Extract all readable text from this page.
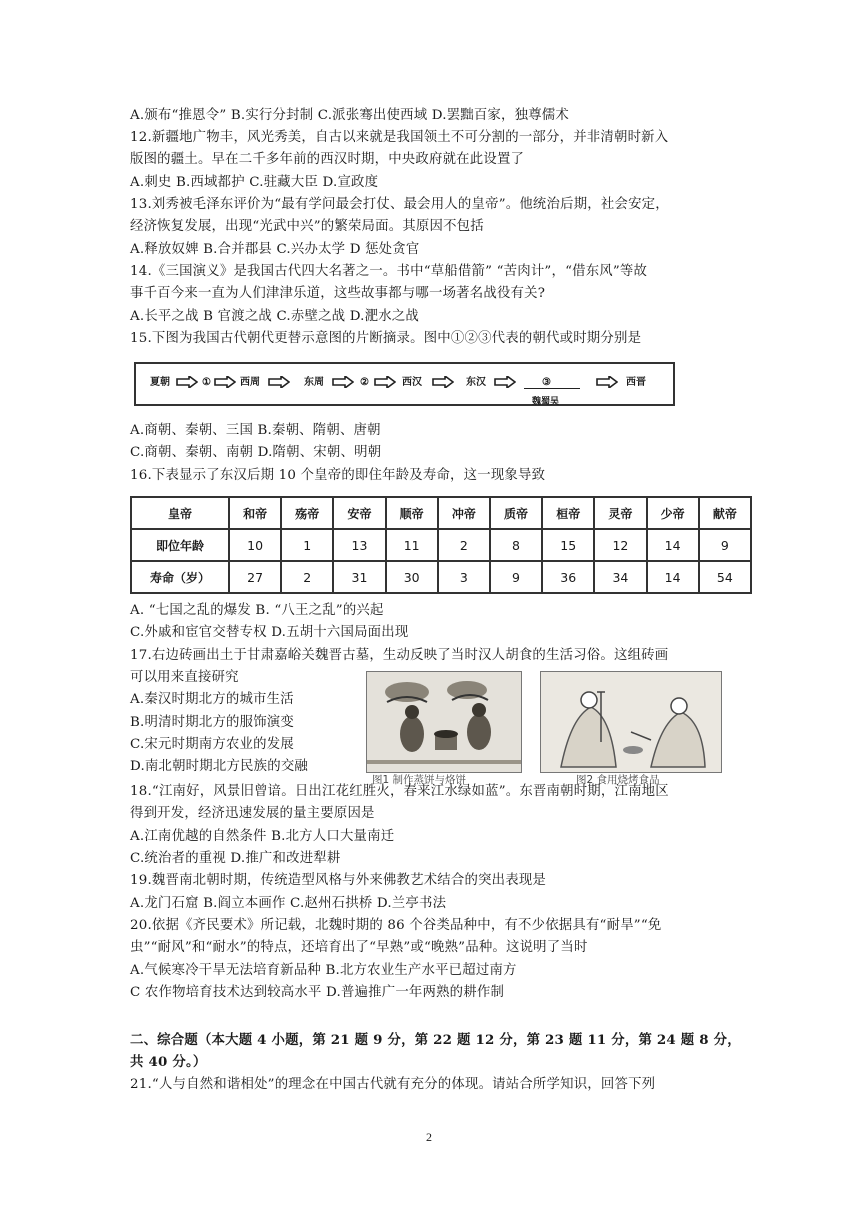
A.颁布“推恩令” B.实行分封制 C.派张骞出使西域 D.罢黜百家，独尊儒术
12.新疆地广物丰，风光秀美，自古以来就是我国领土不可分割的一部分，并非清朝时新入
版图的疆土。早在二千多年前的西汉时期，中央政府就在此设置了
A.刺史 B.西域都护 C.驻藏大臣 D.宣政度
13.刘秀被毛泽东评价为“最有学问最会打仗、最会用人的皇帝”。他统治后期，社会安定，
经济恢复发展，出现“光武中兴”的繁荣局面。其原因不包括
A.释放奴婢 B.合并郡县 C.兴办太学 D 惩处贪官
14.《三国演义》是我国古代四大名著之一。书中“草船借箭” “苦肉计”，“借东风”等故
事千百今来一直为人们津津乐道，这些故事都与哪一场著名战役有关?
A.长平之战 B 官渡之战 C.赤壁之战 D.淝水之战
15.下图为我国古代朝代更替示意图的片断摘录。图中①②③代表的朝代或时期分别是
夏朝	①	西周	东周	②	西汉	东汉	③
魏蜀吴
西晋
A.商朝、秦朝、三国 B.秦朝、隋朝、唐朝
C.商朝、秦朝、南朝 D.隋朝、宋朝、明朝
16.下表显示了东汉后期 10 个皇帝的即住年龄及寿命，这一现象导致
皇帝	和帝	殇帝	安帝	顺帝	冲帝	质帝	桓帝	灵帝	少帝	献帝
即位年龄	10	1	13	11	2	8	15	12	14	9
寿命（岁）	27	2	31	30	3	9	36	34	14	54
A. “七国之乱的爆发 B. “八王之乱”的兴起
C.外戚和宦官交替专权 D.五胡十六国局面出现
17.右边砖画出土于甘肃嘉峪关魏晋古墓，生动反映了当时汉人胡食的生活习俗。这组砖画
可以用来直接研究
A.秦汉时期北方的城市生活
B.明清时期北方的服饰演变
C.宋元时期南方农业的发展
D.南北朝时期北方民族的交融
图1 制作蒸饼与烙饼	图2 食用烧烤食品
18.“江南好，风景旧曾谙。日出江花红胜火，春来江水绿如蓝”。东晋南朝时期，江南地区
得到开发，经济迅速发展的量主要原因是
A.江南优越的自然条件 B.北方人口大量南迁
C.统治者的重视 D.推广和改进犁耕
19.魏晋南北朝时期，传统造型风格与外来佛教艺术结合的突出表现是
A.龙门石窟 B.阎立本画作 C.赵州石拱桥 D.兰亭书法
20.依据《齐民要术》所记载，北魏时期的 86 个谷类品种中，有不少依据具有“耐旱”“免
虫”“耐风”和“耐水”的特点，还培育出了“早熟”或“晚熟”品种。这说明了当时
A.气候寒冷干旱无法培育新品种 B.北方农业生产水平已超过南方
C 农作物培育技术达到较高水平 D.普遍推广一年两熟的耕作制
二、综合题（本大题 4 小题，第 21 题 9 分，第 22 题 12 分，第 23 题 11 分，第 24 题 8 分，
共 40 分。）
21.“人与自然和谐相处”的理念在中国古代就有充分的体现。请站合所学知识，回答下列
2
